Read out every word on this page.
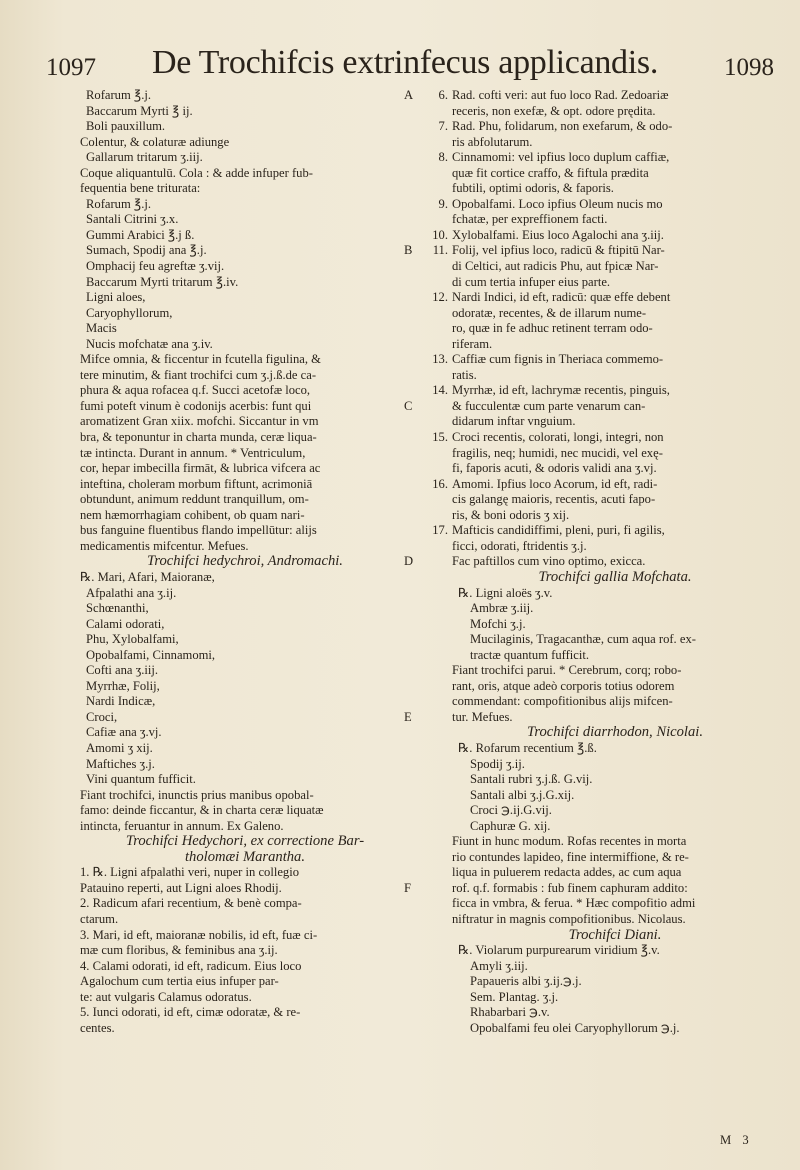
1097 De Trochifcis extrinfecus applicandis.	1098
Rofarum ℥.j.
Baccarum Myrti ℥ ij.
Boli pauxillum.
Colentur, & colaturæ adiunge
Gallarum tritarum ʒ.iij.
Coque aliquantulū. Cola : & adde infuper fub-
fequentia bene triturata:
Rofarum ℥.j.
Santali Citrini ʒ.x.
Gummi Arabici ℥.j ß.
Sumach, Spodij ana ℥.j.
Omphacij feu agreftæ ʒ.vij.
Baccarum Myrti tritarum ℥.iv.
Ligni aloes,
Caryophyllorum,
Macis
Nucis mofchatæ ana ʒ.iv.
Mifce omnia, & ficcentur in fcutella figulina, &
tere minutim, & fiant trochifci cum ʒ.j.ß.de ca-
phura & aqua rofacea q.f. Succi acetofæ loco,
fumi poteft vinum è codonijs acerbis: funt qui
aromatizent Gran xiix. mofchi. Siccantur in vm
bra, & teponuntur in charta munda, ceræ liqua-
tæ intincta. Durant in annum. * Ventriculum,
cor, hepar imbecilla firmāt, & lubrica vifcera ac
inteftina, choleram morbum fiftunt, acrimoniā
obtundunt, animum reddunt tranquillum, om-
nem hæmorrhagiam cohibent, ob quam nari-
bus fanguine fluentibus flando impellūtur: alijs
medicamentis mifcentur. Mefues.
Trochifci hedychroi, Andromachi.
℞. Mari, Afari, Maioranæ,
Afpalathi ana ʒ.ij.
Schœnanthi,
Calami odorati,
Phu, Xylobalfami,
Opobalfami, Cinnamomi,
Cofti ana ʒ.iij.
Myrrhæ, Folij,
Nardi Indicæ,
Croci,
Cafiæ ana ʒ.vj.
Amomi ʒ xij.
Maftiches ʒ.j.
Vini quantum fufficit.
Fiant trochifci, inunctis prius manibus opobal-
famo: deinde ficcantur, & in charta ceræ liquatæ
intincta, feruantur in annum. Ex Galeno.
Trochifci Hedychori, ex correctione Bar-
tholomæi Marantha.
1. ℞. Ligni afpalathi veri, nuper in collegio
Patauino reperti, aut Ligni aloes Rhodij.
2. Radicum afari recentium, & benè compa-
ctarum.
3. Mari, id eft, maioranæ nobilis, id eft, fuæ ci-
mæ cum floribus, & feminibus ana ʒ.ij.
4. Calami odorati, id eft, radicum. Eius loco
Agalochum cum tertia eius infuper par-
te: aut vulgaris Calamus odoratus.
5. Iunci odorati, id eft, cimæ odoratæ, & re-
centes.
A 6.
7.
8.
9.
10.
B 11.
12.
13.
14.
C
15.
16.
17.
D
E
F
Rad. cofti veri: aut fuo loco Rad. Zedoariæ
receris, non exefæ, & opt. odore prędita.
Rad. Phu, folidarum, non exefarum, & odo-
ris abfolutarum.
Cinnamomi: vel ipfius loco duplum caffiæ,
quæ fit cortice craffo, & fiftula prædita
fubtili, optimi odoris, & faporis.
Opobalfami. Loco ipfius Oleum nucis mo
fchatæ, per expreffionem facti.
Xylobalfami. Eius loco Agalochi ana ʒ.iij.
Folij, vel ipfius loco, radicū & ftipitū Nar-
di Celtici, aut radicis Phu, aut fpicæ Nar-
di cum tertia infuper eius parte.
Nardi Indici, id eft, radicū: quæ effe debent
odoratæ, recentes, & de illarum nume-
ro, quæ in fe adhuc retinent terram odo-
riferam.
Caffiæ cum fignis in Theriaca commemo-
ratis.
Myrrhæ, id eft, lachrymæ recentis, pinguis,
& fucculentæ cum parte venarum can-
didarum inftar vnguium.
Croci recentis, colorati, longi, integri, non
fragilis, neq; humidi, nec mucidi, vel exę-
fi, faporis acuti, & odoris validi ana ʒ.vj.
Amomi. Ipfius loco Acorum, id eft, radi-
cis galangę maioris, recentis, acuti fapo-
ris, & boni odoris ʒ xij.
Mafticis candidiffimi, pleni, puri, fi agilis,
ficci, odorati, ftridentis ʒ.j.
Fac paftillos cum vino optimo, exicca.
Trochifci gallia Mofchata.
℞. Ligni aloës ʒ.v.
Ambræ ʒ.iij.
Mofchi ʒ.j.
Mucilaginis, Tragacanthæ, cum aqua rof. ex-
tractæ quantum fufficit.
Fiant trochifci parui. * Cerebrum, corq; robo-
rant, oris, atque adeò corporis totius odorem
commendant: compofitionibus alijs mifcen-
tur. Mefues.
Trochifci diarrhodon, Nicolai.
℞. Rofarum recentium ℥.ß.
Spodij ʒ.ij.
Santali rubri ʒ.j.ß. G.vij.
Santali albi ʒ.j.G.xij.
Croci ℈.ij.G.vij.
Caphuræ G. xij.
Fiunt in hunc modum. Rofas recentes in morta
rio contundes lapideo, fine intermiffione, & re-
liqua in puluerem redacta addes, ac cum aqua
rof. q.f. formabis : fub finem caphuram addito:
ficca in vmbra, & ferua. * Hæc compofitio admi
niftratur in magnis compofitionibus. Nicolaus.
Trochifci Diani.
℞. Violarum purpurearum viridium ℥.v.
Amyli ʒ.iij.
Papaueris albi ʒ.ij.℈.j.
Sem. Plantag. ʒ.j.
Rhabarbari ℈.v.
Opobalfami feu olei Caryophyllorum ℈.j.
M 3
